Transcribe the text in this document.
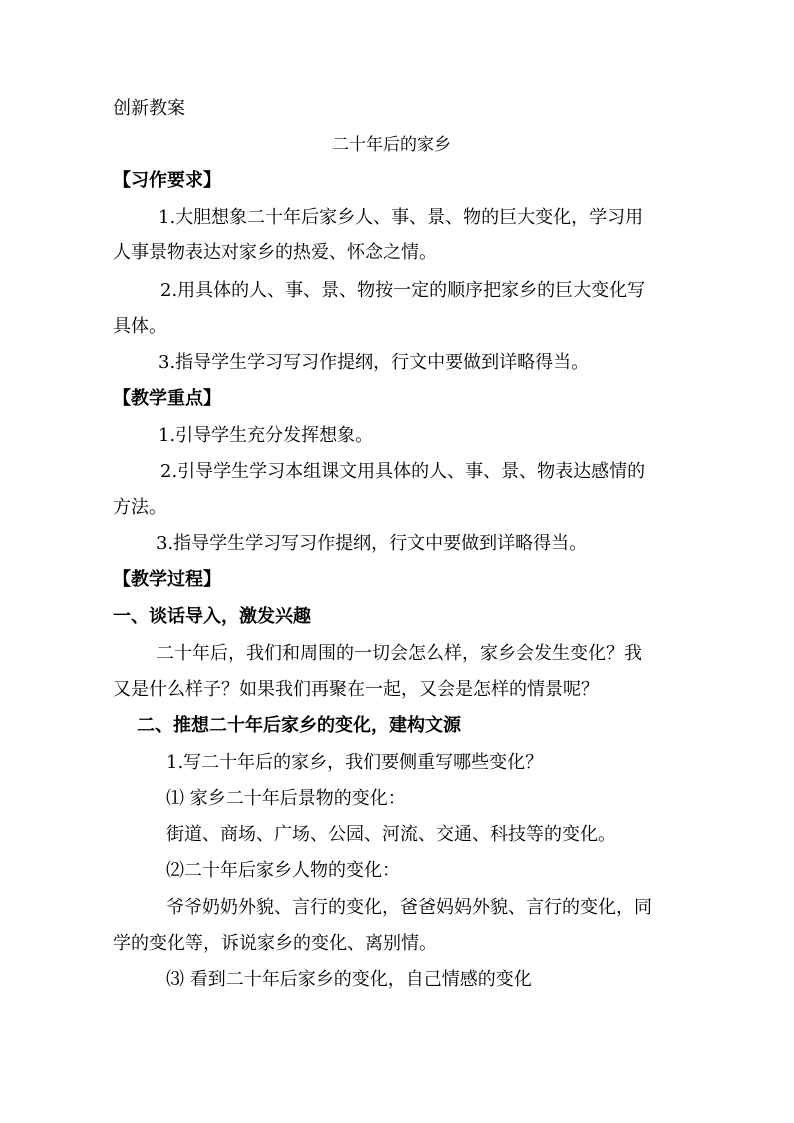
创新教案
二十年后的家乡
【习作要求】
1.大胆想象二十年后家乡人、事、景、物的巨大变化，学习用
人事景物表达对家乡的热爱、怀念之情。
2.用具体的人、事、景、物按一定的顺序把家乡的巨大变化写
具体。
3.指导学生学习写习作提纲，行文中要做到详略得当。
【教学重点】
1.引导学生充分发挥想象。
2.引导学生学习本组课文用具体的人、事、景、物表达感情的
方法。
3.指导学生学习写习作提纲，行文中要做到详略得当。
【教学过程】
一、谈话导入，激发兴趣
二十年后，我们和周围的一切会怎么样，家乡会发生变化？我
又是什么样子？如果我们再聚在一起，又会是怎样的情景呢？
二、推想二十年后家乡的变化，建构文源
1.写二十年后的家乡，我们要侧重写哪些变化？
⑴ 家乡二十年后景物的变化：
街道、商场、广场、公园、河流、交通、科技等的变化。
⑵二十年后家乡人物的变化：
爷爷奶奶外貌、言行的变化，爸爸妈妈外貌、言行的变化，同
学的变化等，诉说家乡的变化、离别情。
⑶ 看到二十年后家乡的变化，自己情感的变化
